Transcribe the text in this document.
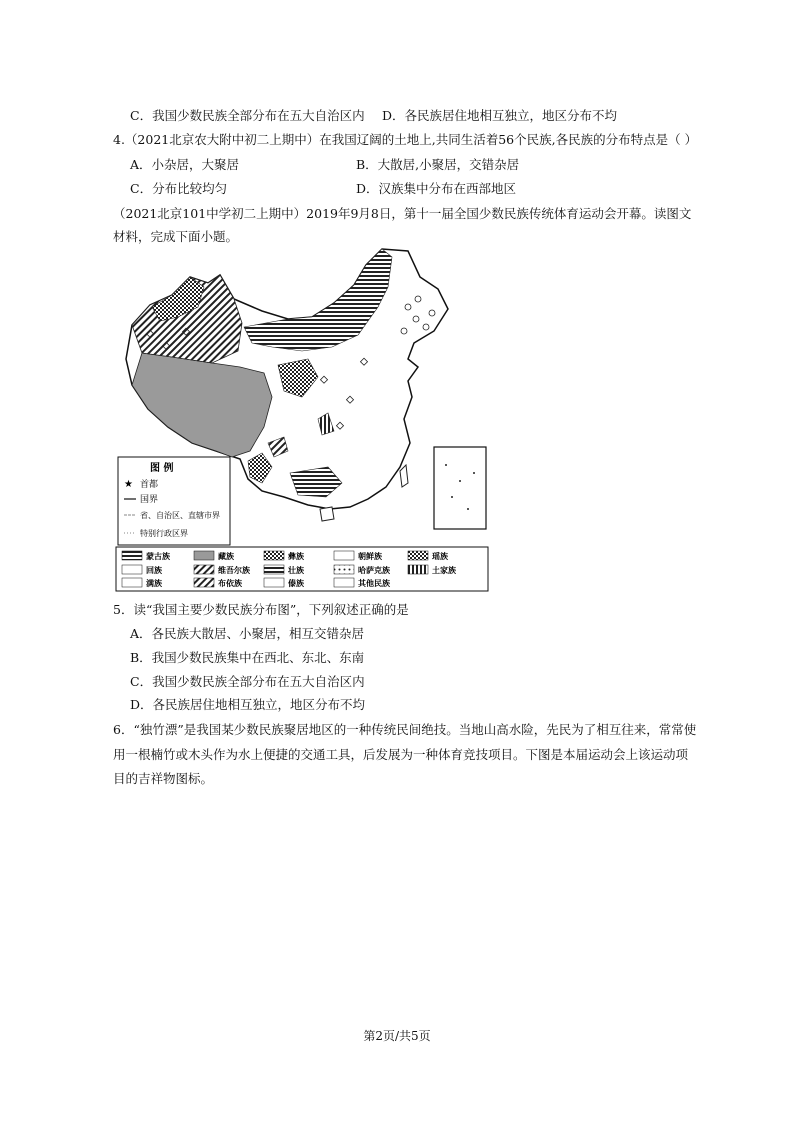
C．我国少数民族全部分布在五大自治区内 D．各民族居住地相互独立，地区分布不均
4.（2021北京农大附中初二上期中）在我国辽阔的土地上,共同生活着56个民族,各民族的分布特点是（ ）
A．小杂居，大聚居	B．大散居,小聚居，交错杂居
C．分布比较均匀	D．汉族集中分布在西部地区
（2021北京101中学初二上期中）2019年9月8日，第十一届全国少数民族传统体育运动会开幕。读图文
材料，完成下面小题。
图 例
首都
★
国界
省、自治区、直辖市界
特别行政区界
蒙古族	藏族	彝族	朝鲜族	瑶族
回族	维吾尔族	壮族	哈萨克族	土家族
满族	布依族	傣族	其他民族
5．读“我国主要少数民族分布图”，下列叙述正确的是
A．各民族大散居、小聚居，相互交错杂居
B．我国少数民族集中在西北、东北、东南
C．我国少数民族全部分布在五大自治区内
D．各民族居住地相互独立，地区分布不均
6．“独竹漂”是我国某少数民族聚居地区的一种传统民间绝技。当地山高水险，先民为了相互往来，常常使
用一根楠竹或木头作为水上便捷的交通工具，后发展为一种体育竞技项目。下图是本届运动会上该运动项
目的吉祥物图标。
第2页/共5页
